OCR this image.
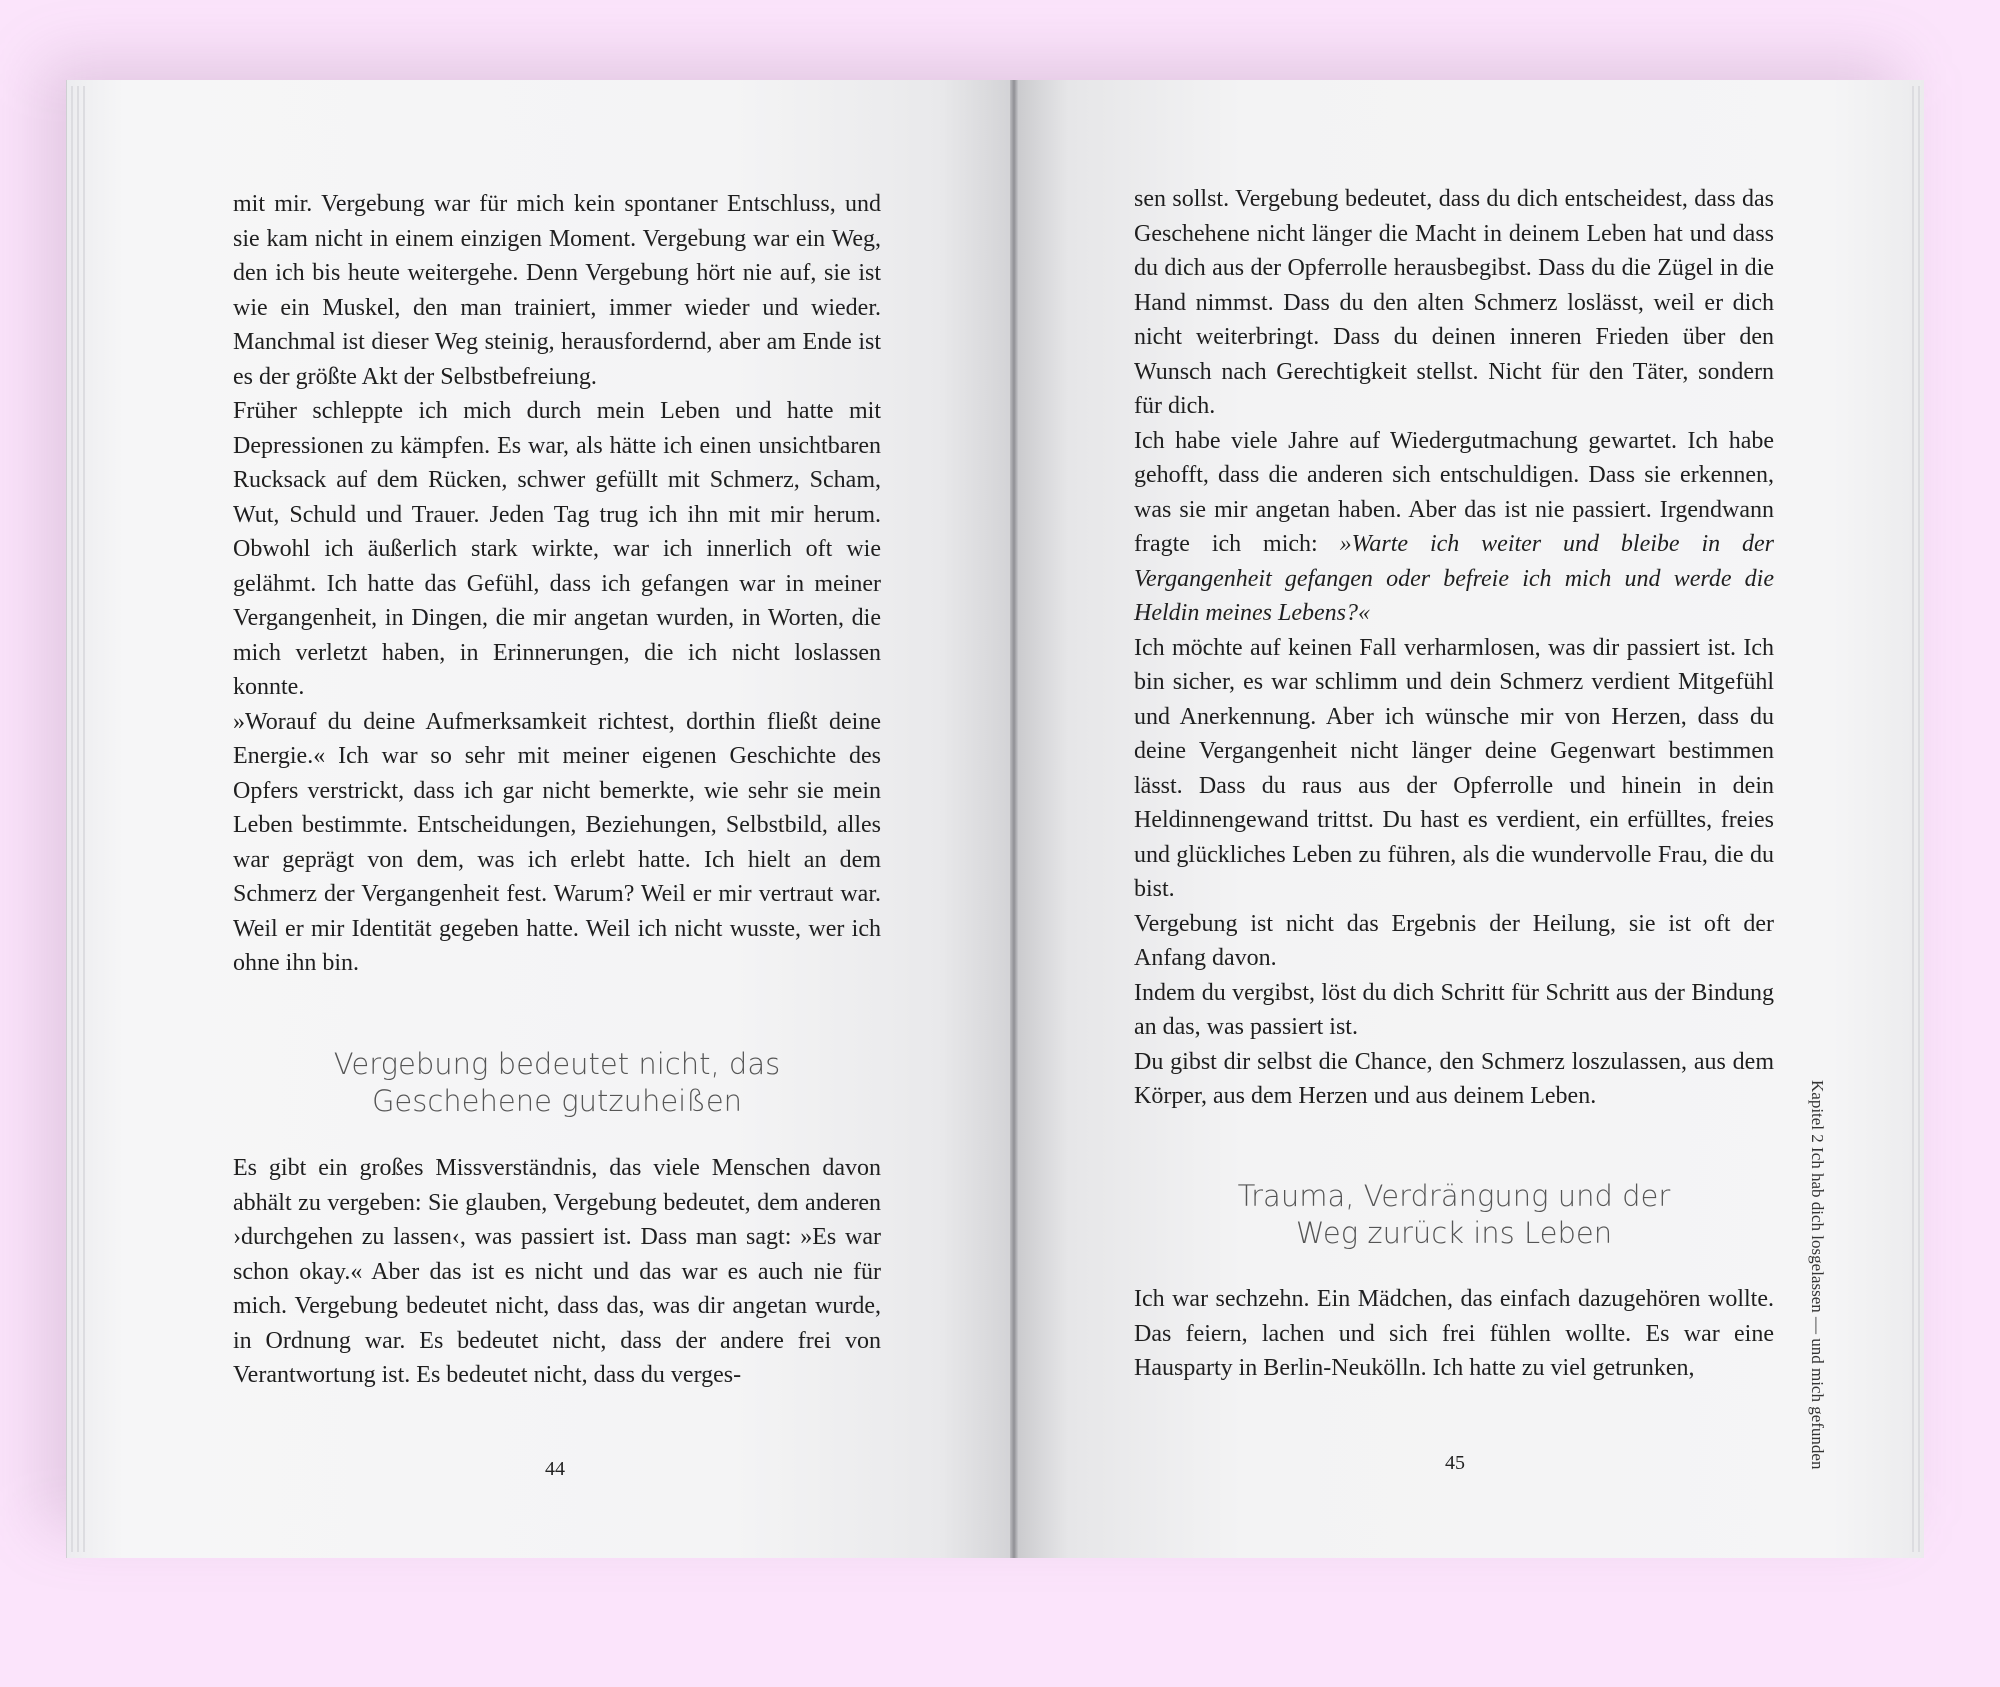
mit mir. Vergebung war für mich kein spontaner Entschluss, und sie kam nicht in einem einzigen Moment. Vergebung war ein Weg, den ich bis heute weitergehe. Denn Vergebung hört nie auf, sie ist wie ein Muskel, den man trainiert, immer wieder und wieder. Manchmal ist dieser Weg steinig, herausfordernd, aber am Ende ist es der größte Akt der Selbstbefreiung.

Früher schleppte ich mich durch mein Leben und hatte mit Depressionen zu kämpfen. Es war, als hätte ich einen unsichtbaren Rucksack auf dem Rücken, schwer gefüllt mit Schmerz, Scham, Wut, Schuld und Trauer. Jeden Tag trug ich ihn mit mir herum. Obwohl ich äußerlich stark wirkte, war ich innerlich oft wie gelähmt. Ich hatte das Gefühl, dass ich gefangen war in meiner Vergangenheit, in Dingen, die mir angetan wurden, in Worten, die mich verletzt haben, in Erinnerungen, die ich nicht loslassen konnte.

»Worauf du deine Aufmerksamkeit richtest, dorthin fließt deine Energie.« Ich war so sehr mit meiner eigenen Geschichte des Opfers verstrickt, dass ich gar nicht bemerkte, wie sehr sie mein Leben bestimmte. Entscheidungen, Beziehungen, Selbstbild, alles war geprägt von dem, was ich erlebt hatte. Ich hielt an dem Schmerz der Vergangenheit fest. Warum? Weil er mir vertraut war. Weil er mir Identität gegeben hatte. Weil ich nicht wusste, wer ich ohne ihn bin.

Vergebung bedeutet nicht, das
Geschehene gutzuheißen

Es gibt ein großes Missverständnis, das viele Menschen davon abhält zu vergeben: Sie glauben, Vergebung bedeutet, dem anderen ›durchgehen zu lassen‹, was passiert ist. Dass man sagt: »Es war schon okay.« Aber das ist es nicht und das war es auch nie für mich. Vergebung bedeutet nicht, dass das, was dir angetan wurde, in Ordnung war. Es bedeutet nicht, dass der andere frei von Verantwortung ist. Es bedeutet nicht, dass du verges-

44

sen sollst. Vergebung bedeutet, dass du dich entscheidest, dass das Geschehene nicht länger die Macht in deinem Leben hat und dass du dich aus der Opferrolle herausbegibst. Dass du die Zügel in die Hand nimmst. Dass du den alten Schmerz loslässt, weil er dich nicht weiterbringt. Dass du deinen inneren Frieden über den Wunsch nach Gerechtigkeit stellst. Nicht für den Täter, sondern für dich.

Ich habe viele Jahre auf Wiedergutmachung gewartet. Ich habe gehofft, dass die anderen sich entschuldigen. Dass sie erkennen, was sie mir angetan haben. Aber das ist nie passiert. Irgendwann fragte ich mich: »Warte ich weiter und bleibe in der Vergangenheit gefangen oder befreie ich mich und werde die Heldin meines Lebens?«

Ich möchte auf keinen Fall verharmlosen, was dir passiert ist. Ich bin sicher, es war schlimm und dein Schmerz verdient Mitgefühl und Anerkennung. Aber ich wünsche mir von Herzen, dass du deine Vergangenheit nicht länger deine Gegenwart bestimmen lässt. Dass du raus aus der Opferrolle und hinein in dein Heldinnengewand trittst. Du hast es verdient, ein erfülltes, freies und glückliches Leben zu führen, als die wundervolle Frau, die du bist.

Vergebung ist nicht das Ergebnis der Heilung, sie ist oft der Anfang davon.

Indem du vergibst, löst du dich Schritt für Schritt aus der Bindung an das, was passiert ist.

Du gibst dir selbst die Chance, den Schmerz loszulassen, aus dem Körper, aus dem Herzen und aus deinem Leben.

Trauma, Verdrängung und der
Weg zurück ins Leben

Ich war sechzehn. Ein Mädchen, das einfach dazugehören wollte. Das feiern, lachen und sich frei fühlen wollte. Es war eine Hausparty in Berlin-Neukölln. Ich hatte zu viel getrunken,

45	Kapitel 2 Ich hab dich losgelassen — und mich gefunden
